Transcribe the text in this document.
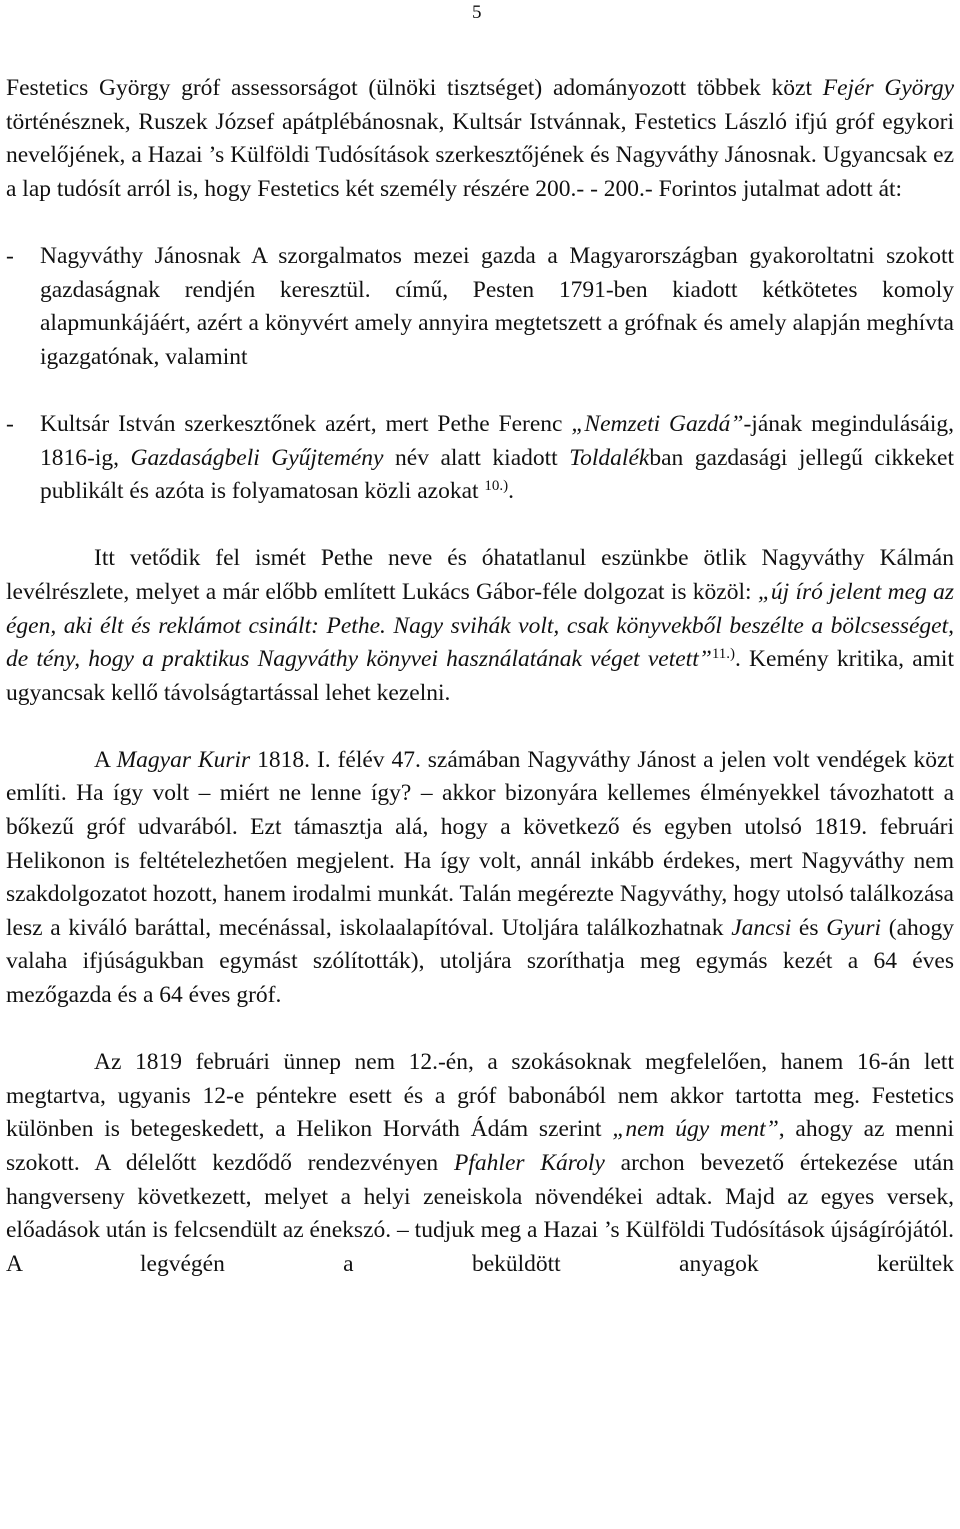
5

Festetics György gróf assessorságot (ülnöki tisztséget) adományozott többek közt Fejér György történésznek, Ruszek József apátplébánosnak, Kultsár Istvánnak, Festetics László ifjú gróf egykori nevelőjének, a Hazai ’s Külföldi Tudósítások szerkesztőjének és Nagyváthy Jánosnak. Ugyancsak ez a lap tudósít arról is, hogy Festetics két személy részére 200.- - 200.- Forintos jutalmat adott át:

- Nagyváthy Jánosnak A szorgalmatos mezei gazda a Magyarországban gyakoroltatni szokott gazdaságnak rendjén keresztül. című, Pesten 1791-ben kiadott kétkötetes komoly alapmunkájáért, azért a könyvért amely annyira megtetszett a grófnak és amely alapján meghívta igazgatónak, valamint

- Kultsár István szerkesztőnek azért, mert Pethe Ferenc „Nemzeti Gazdá”-jának megindulásáig, 1816-ig, Gazdaságbeli Gyűjtemény név alatt kiadott Toldalékban gazdasági jellegű cikkeket publikált és azóta is folyamatosan közli azokat $^{10.)}$.

Itt vetődik fel ismét Pethe neve és óhatatlanul eszünkbe ötlik Nagyváthy Kálmán levélrészlete, melyet a már előbb említett Lukács Gábor-féle dolgozat is közöl: „új író jelent meg az égen, aki élt és reklámot csinált: Pethe. Nagy svihák volt, csak könyvekből beszélte a bölcsességet, de tény, hogy a praktikus Nagyváthy könyvei használatának véget vetett”$^{11.)}$. Kemény kritika, amit ugyancsak kellő távolságtartással lehet kezelni.

A Magyar Kurir 1818. I. félév 47. számában Nagyváthy Jánost a jelen volt vendégek közt említi. Ha így volt – miért ne lenne így? – akkor bizonyára kellemes élményekkel távozhatott a bőkezű gróf udvarából. Ezt támasztja alá, hogy a következő és egyben utolsó 1819. februári Helikonon is feltételezhetően megjelent. Ha így volt, annál inkább érdekes, mert Nagyváthy nem szakdolgozatot hozott, hanem irodalmi munkát. Talán megérezte Nagyváthy, hogy utolsó találkozása lesz a kiváló baráttal, mecénással, iskolaalapítóval. Utoljára találkozhatnak Jancsi és Gyuri (ahogy valaha ifjúságukban egymást szólították), utoljára szoríthatja meg egymás kezét a 64 éves mezőgazda és a 64 éves gróf.

Az 1819 februári ünnep nem 12.-én, a szokásoknak megfelelően, hanem 16-án lett megtartva, ugyanis 12-e péntekre esett és a gróf babonából nem akkor tartotta meg. Festetics különben is betegeskedett, a Helikon Horváth Ádám szerint „nem úgy ment”, ahogy az menni szokott. A délelőtt kezdődő rendezvényen Pfahler Károly archon bevezető értekezése után hangverseny következett, melyet a helyi zeneiskola növendékei adtak. Majd az egyes versek, előadások után is felcsendült az énekszó. – tudjuk meg a Hazai ’s Külföldi Tudósítások újságírójától. A legvégén a beküldött anyagok kerültek
